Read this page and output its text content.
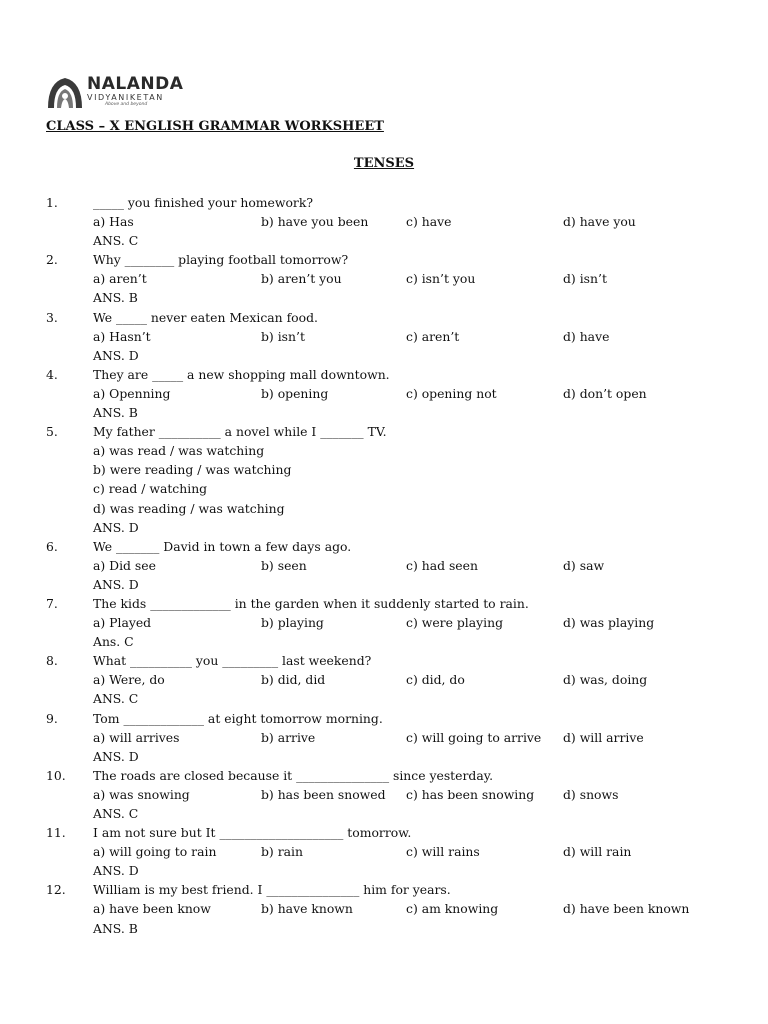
NALANDA
VIDYANIKETAN
Above and beyond
CLASS – X ENGLISH GRAMMAR WORKSHEET
TENSES
1.	_____ you finished your homework?
a) Has	b) have you been	c) have	d) have you
ANS. C
2.	Why ________ playing football tomorrow?
a) aren’t	b) aren’t you	c) isn’t you	d) isn’t
ANS. B
3.	We _____ never eaten Mexican food.
a) Hasn’t	b) isn’t	c) aren’t	d) have
ANS. D
4.	They are _____ a new shopping mall downtown.
a) Openning	b) opening	c) opening not	d) don’t open
ANS. B
5.	My father __________ a novel while I _______ TV.
a) was read / was watching
b) were reading / was watching
c) read / watching
d) was reading / was watching
ANS. D
6.	We _______ David in town a few days ago.
a) Did see	b) seen	c) had seen	d) saw
ANS. D
7.	The kids _____________ in the garden when it suddenly started to rain.
a) Played	b) playing	c) were playing	d) was playing
Ans. C
8.	What __________ you _________ last weekend?
a) Were, do	b) did, did	c) did, do	d) was, doing
ANS. C
9.	Tom _____________ at eight tomorrow morning.
a) will arrives	b) arrive	c) will going to arrive d) will arrive
ANS. D
10. The roads are closed because it _______________ since yesterday.
a) was snowing	b) has been snowed c) has been snowing d) snows
ANS. C
11. I am not sure but It ____________________ tomorrow.
a) will going to rain	b) rain	c) will rains	d) will rain
ANS. D
12. William is my best friend. I _______________ him for years.
a) have been know	b) have known	c) am knowing	d) have been known
ANS. B
